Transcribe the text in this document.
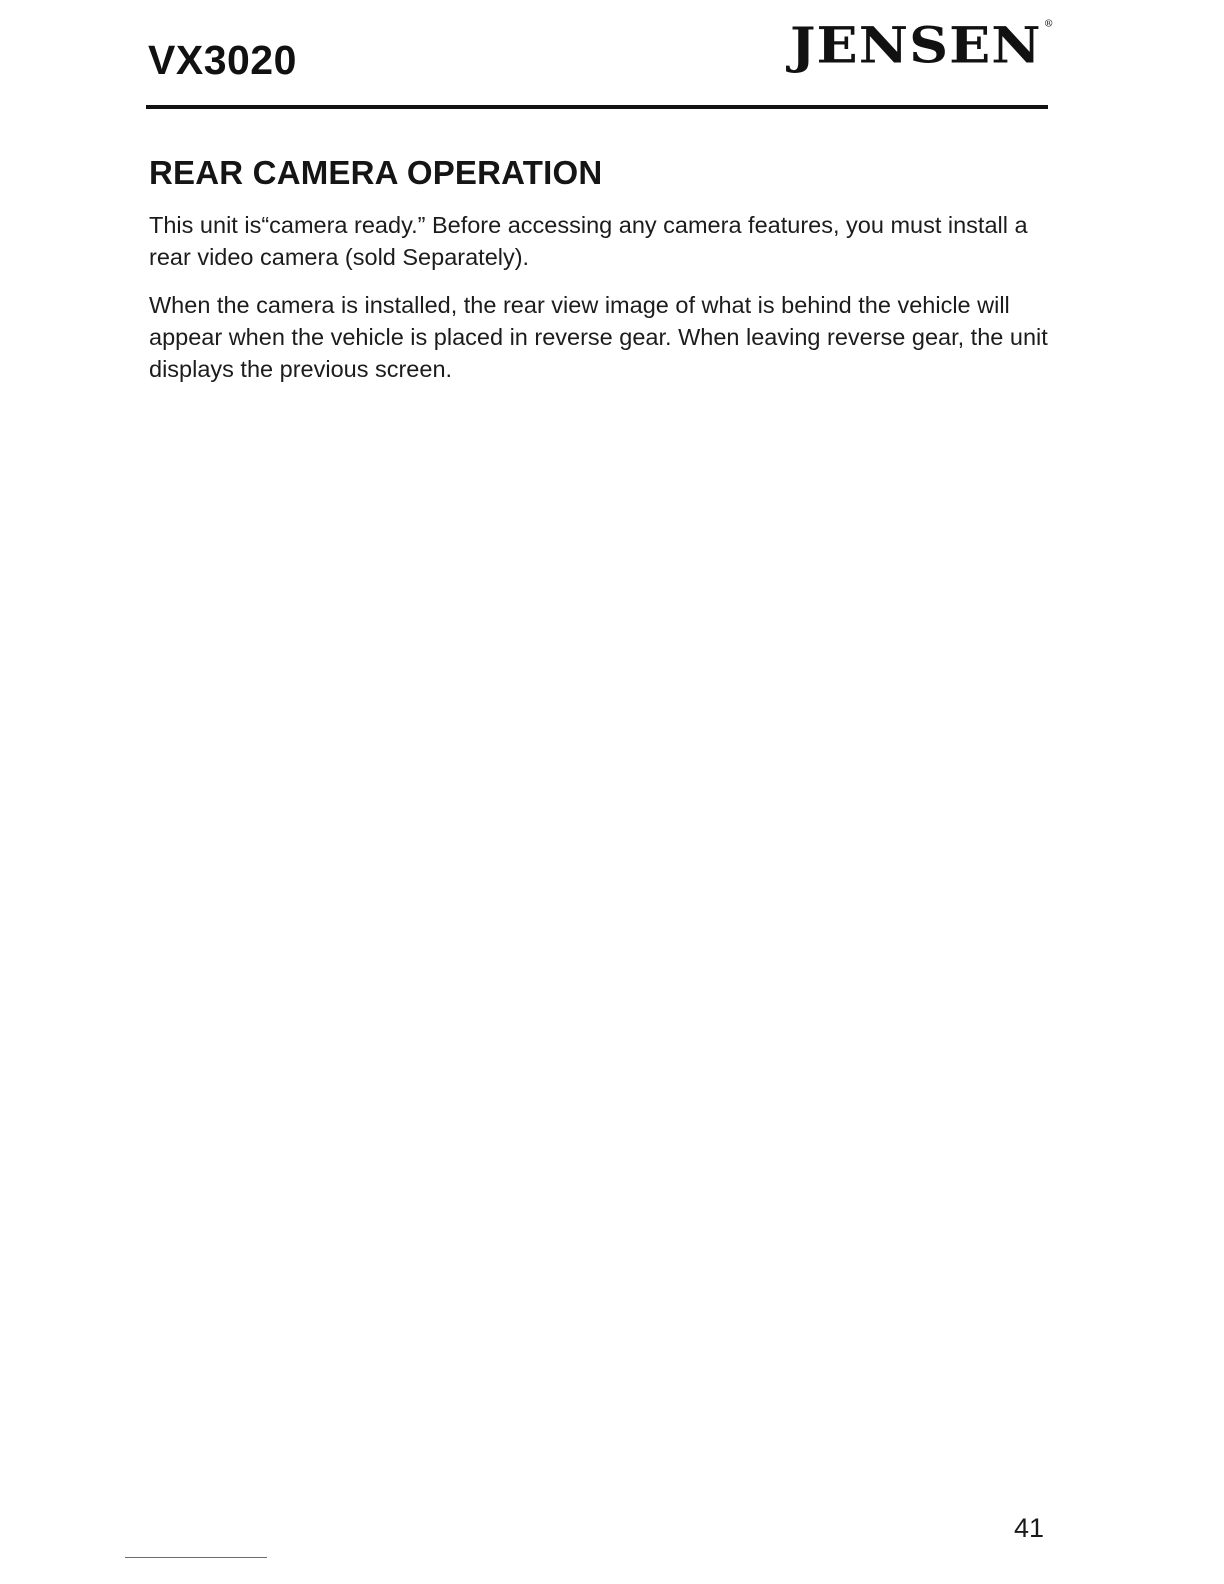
VX3020	JENSEN ®
REAR CAMERA OPERATION

This unit is“camera ready.” Before accessing any camera features, you must install a rear video camera (sold Separately).

When the camera is installed, the rear view image of what is behind the vehicle will appear when the vehicle is placed in reverse gear. When leaving reverse gear, the unit displays the previous screen.

41
